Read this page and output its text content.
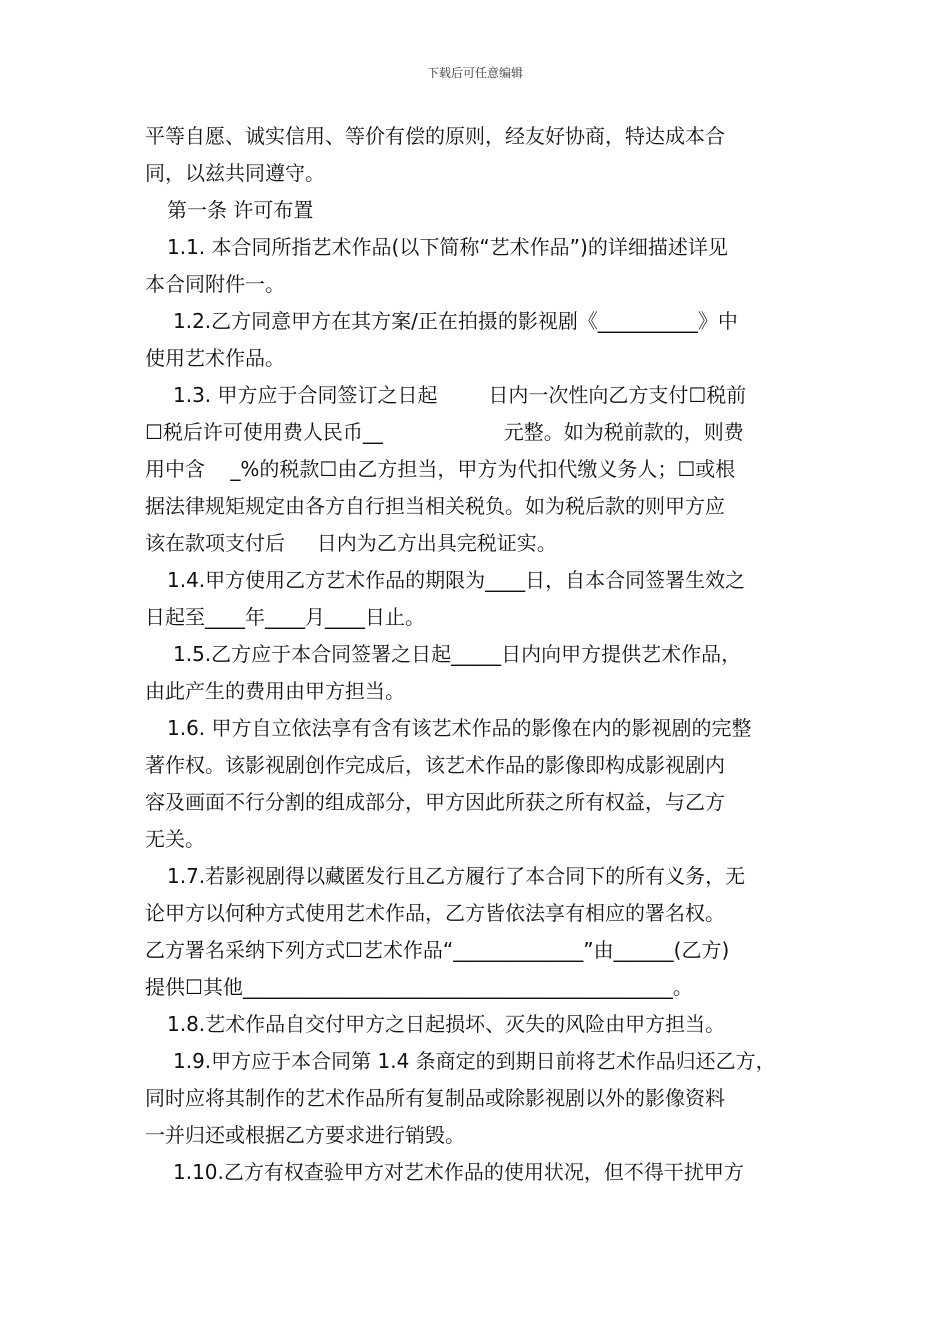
下载后可任意编辑
平等自愿、诚实信用、等价有偿的原则，经友好协商，特达成本合
同，以兹共同遵守。
第一条 许可布置
1.1. 本合同所指艺术作品(以下简称“艺术作品”)的详细描述详见
本合同附件一。
1.2.乙方同意甲方在其方案/正在拍摄的影视剧《__________》中
使用艺术作品。
1.3. 甲方应于合同签订之日起        日内一次性向乙方支付☐税前
☐税后许可使用费人民币__                   元整。如为税前款的，则费
用中含    _%的税款☐由乙方担当，甲方为代扣代缴义务人；☐或根
据法律规矩规定由各方自行担当相关税负。如为税后款的则甲方应
该在款项支付后     日内为乙方出具完税证实。
1.4.甲方使用乙方艺术作品的期限为____日，自本合同签署生效之
日起至____年____月____日止。
1.5.乙方应于本合同签署之日起_____日内向甲方提供艺术作品，
由此产生的费用由甲方担当。
1.6. 甲方自立依法享有含有该艺术作品的影像在内的影视剧的完整
著作权。该影视剧创作完成后，该艺术作品的影像即构成影视剧内
容及画面不行分割的组成部分，甲方因此所获之所有权益，与乙方
无关。
1.7.若影视剧得以藏匿发行且乙方履行了本合同下的所有义务，无
论甲方以何种方式使用艺术作品，乙方皆依法享有相应的署名权。
乙方署名采纳下列方式☐艺术作品“_____________”由______(乙方)
提供☐其他___________________________________________。
1.8.艺术作品自交付甲方之日起损坏、灭失的风险由甲方担当。
1.9.甲方应于本合同第 1.4 条商定的到期日前将艺术作品归还乙方，
同时应将其制作的艺术作品所有复制品或除影视剧以外的影像资料
一并归还或根据乙方要求进行销毁。
1.10.乙方有权查验甲方对艺术作品的使用状况，但不得干扰甲方
